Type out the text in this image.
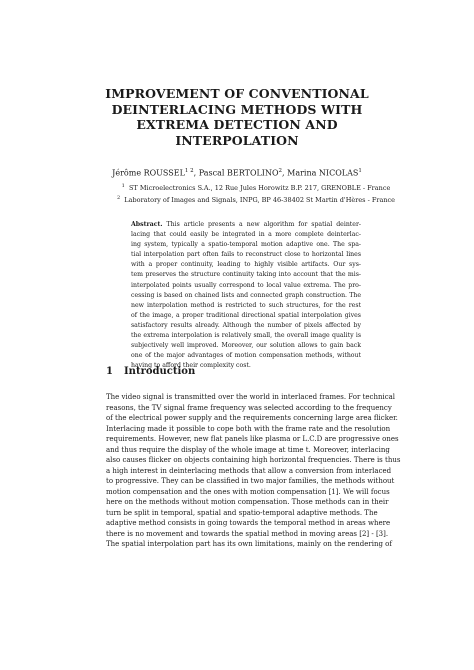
IMPROVEMENT OF CONVENTIONAL
DEINTERLACING METHODS WITH
EXTREMA DETECTION AND
INTERPOLATION
Jérôme $ROUSSEL^{1 2}$, Pascal BERTOLINO$^2$, Marina NICOLAS$^1$
$^1$ ST Microelectronics S.A., 12 Rue Jules Horowitz B.P. 217, GRENOBLE - France
$^2$ Laboratory of Images and Signals, INPG, BP 46-38402 St Martin d'Hères - France
Abstract. This article presents a new algorithm for spatial deinter-
lacing that could easily be integrated in a more complete deinterlac-
ing system, typically a spatio-temporal motion adaptive one. The spa-
tial interpolation part often fails to reconstruct close to horizontal lines
with a proper continuity, leading to highly visible artifacts. Our sys-
tem preserves the structure continuity taking into account that the mis-
interpolated points usually correspond to local value extrema. The pro-
cessing is based on chained lists and connected graph construction. The
new interpolation method is restricted to such structures, for the rest
of the image, a proper traditional directional spatial interpolation gives
satisfactory results already. Although the number of pixels affected by
the extrema interpolation is relatively small, the overall image quality is
subjectively well improved. Moreover, our solution allows to gain back
one of the major advantages of motion compensation methods, without
having to afford their complexity cost.
1 Introduction
The video signal is transmitted over the world in interlaced frames. For technical
reasons, the TV signal frame frequency was selected according to the frequency
of the electrical power supply and the requirements concerning large area flicker.
Interlacing made it possible to cope both with the frame rate and the resolution
requirements. However, new flat panels like plasma or L.C.D are progressive ones
and thus require the display of the whole image at time t. Moreover, interlacing
also causes flicker on objects containing high horizontal frequencies. There is thus
a high interest in deinterlacing methods that allow a conversion from interlaced
to progressive. They can be classified in two major families, the methods without
motion compensation and the ones with motion compensation [1]. We will focus
here on the methods without motion compensation. Those methods can in their
turn be split in temporal, spatial and spatio-temporal adaptive methods. The
adaptive method consists in going towards the temporal method in areas where
there is no movement and towards the spatial method in moving areas [2] - [3].
The spatial interpolation part has its own limitations, mainly on the rendering of
